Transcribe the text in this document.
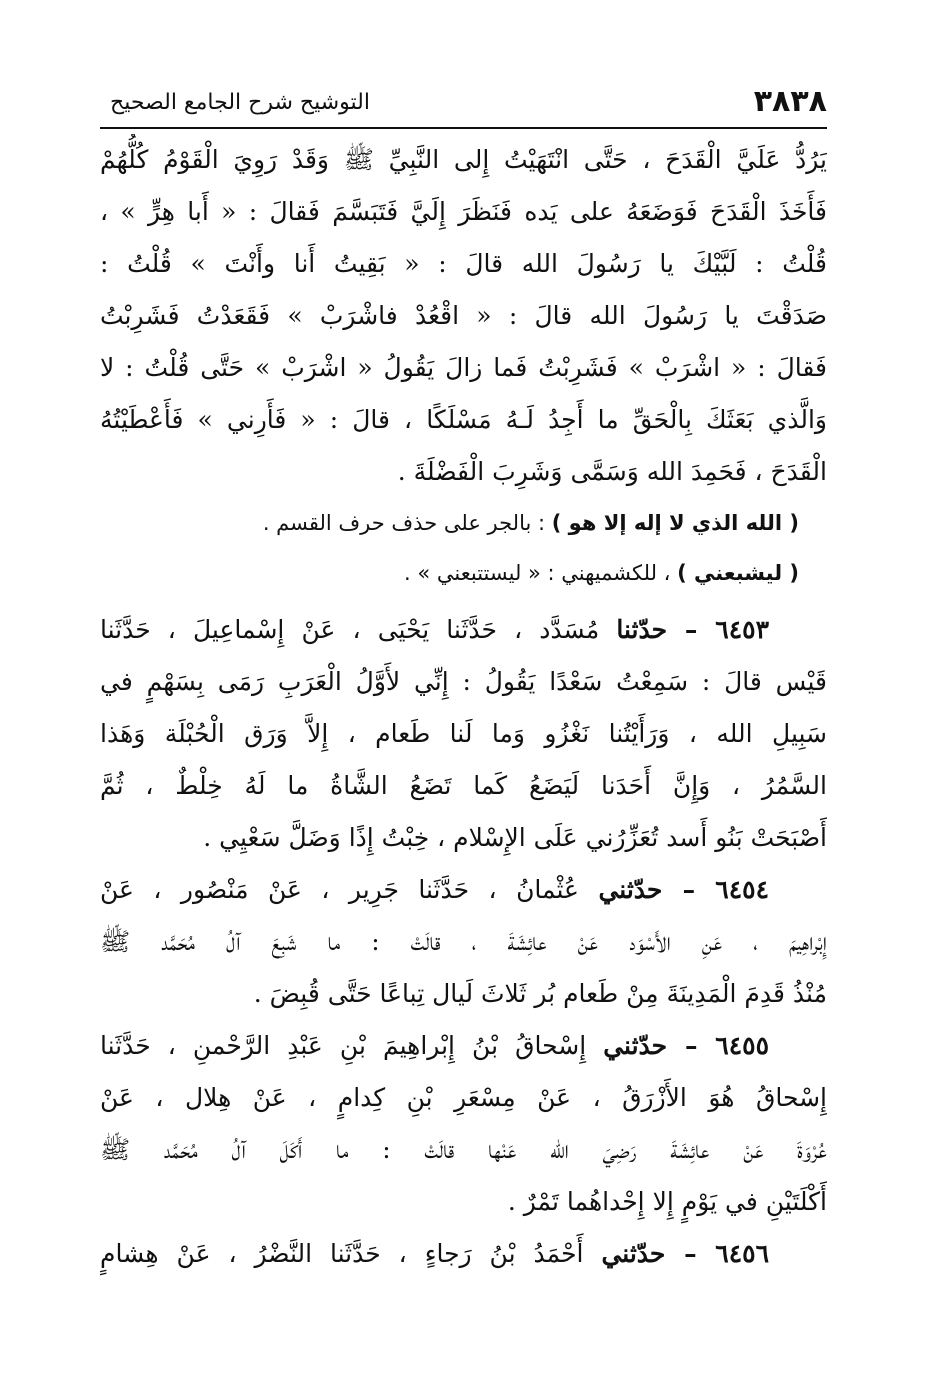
٣٨٣٨
التوشيح شرح الجامع الصحيح
يَرُدُّ عَلَيَّ الْقَدَحَ ، حَتَّى انْتَهَيْتُ إِلى النَّبِيِّ ﷺ وَقَدْ رَوِيَ الْقَوْمُ كُلُّهُمْ
فَأَخَذَ الْقَدَحَ فَوَضَعَهُ على يَده فَنَظَرَ إِلَيَّ فَتَبَسَّمَ فَقالَ : « أَبا هِرٍّ » ،
قُلْتُ : لَبَّيْكَ يا رَسُولَ الله قالَ : « بَقِيتُ أَنا وأَنْتَ » قُلْتُ :
صَدَقْتَ يا رَسُولَ الله قالَ : « اقْعُدْ فاشْرَبْ » فَقَعَدْتُ فَشَرِبْتُ
فَقالَ : « اشْرَبْ » فَشَرِبْتُ فَما زالَ يَقُولُ « اشْرَبْ » حَتَّى قُلْتُ : لا
وَالَّذي بَعَثَكَ بِالْحَقِّ ما أَجِدُ لَـهُ مَسْلَكًا ، قالَ : « فَأَرِني » فَأَعْطَيْتُهُ
الْقَدَحَ ، فَحَمِدَ الله وَسَمَّى وَشَرِبَ الْفَضْلَةَ .
( الله الذي لا إله إلا هو ) : بالجر على حذف حرف القسم .
( ليشبعني ) ، للكشميهني : « ليستتبعني » .
٦٤٥٣ – حدّثنا مُسَدَّد ، حَدَّثَنا يَحْيَى ، عَنْ إِسْماعِيلَ ، حَدَّثَنا
قَيْس قالَ : سَمِعْتُ سَعْدًا يَقُولُ : إِنِّي لأَوَّلُ الْعَرَبِ رَمَى بِسَهْمٍ في
سَبِيلِ الله ، وَرَأَيْتُنا نَغْزُو وَما لَنا طَعام ، إِلاَّ وَرَق الْحُبْلَة وَهَذا
السَّمُرُ ، وَإِنَّ أَحَدَنا لَيَضَعُ كَما تَضَعُ الشَّاةُ ما لَهُ خِلْطٌ ، ثُمَّ
أَصْبَحَتْ بَنُو أَسد تُعَزِّرُني عَلَى الإِسْلام ، خِبْتُ إِذًا وَضَلَّ سَعْيِي .
٦٤٥٤ – حدّثني عُثْمانُ ، حَدَّثَنا جَرِير ، عَنْ مَنْصُور ، عَنْ
إِبْراهِيمَ ، عَنِ الأَسْوَد عَنْ عائِشَةَ ، قالَتْ : ما شَبِعَ آلُ مُحَمَّد ﷺ
مُنْذُ قَدِمَ الْمَدِينَةَ مِنْ طَعام بُر ثَلاثَ لَيال تِباعًا حَتَّى قُبِضَ .
٦٤٥٥ – حدّثني إِسْحاقُ بْنُ إِبْراهِيمَ بْنِ عَبْدِ الرَّحْمنِ ، حَدَّثَنا
إِسْحاقُ هُوَ الأَزْرَقُ ، عَنْ مِسْعَرِ بْنِ كِدامٍ ، عَنْ هِلال ، عَنْ
عُرْوَةَ عَنْ عائِشَةَ رَضِيَ الله عَنْها قالَتْ : ما أَكَلَ آلُ مُحَمَّد ﷺ
أَكْلَتَيْنِ في يَوْمٍ إِلا إِحْداهُما تَمْرٌ .
٦٤٥٦ – حدّثني أَحْمَدُ بْنُ رَجاءٍ ، حَدَّثَنا النَّضْرُ ، عَنْ هِشامٍ
